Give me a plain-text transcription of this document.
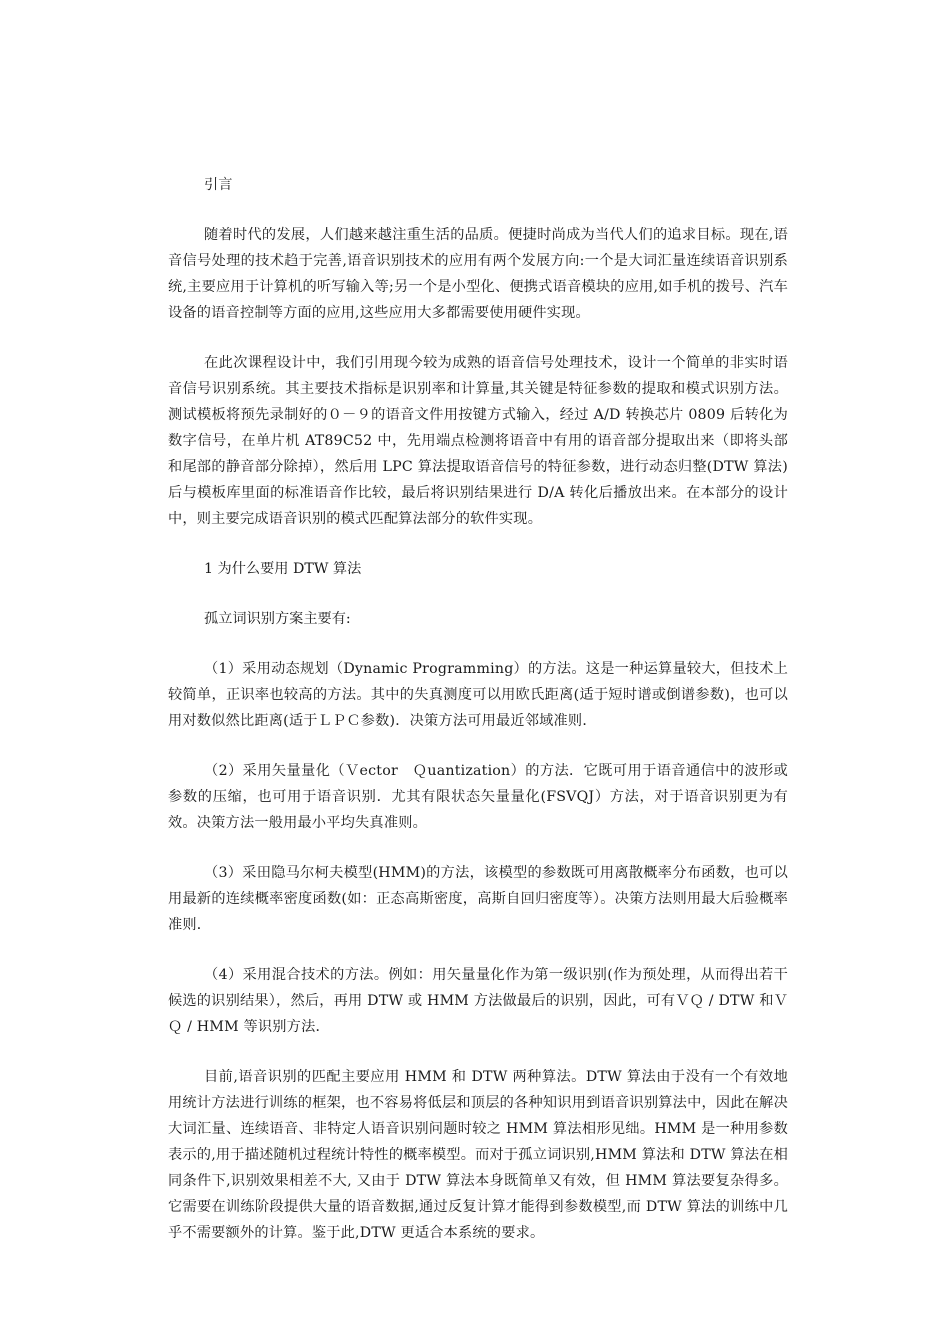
引言

随着时代的发展，人们越来越注重生活的品质。便捷时尚成为当代人们的追求目标。现在,语音信号处理的技术趋于完善,语音识别技术的应用有两个发展方向:一个是大词汇量连续语音识别系统,主要应用于计算机的听写输入等;另一个是小型化、便携式语音模块的应用,如手机的拨号、汽车设备的语音控制等方面的应用,这些应用大多都需要使用硬件实现。

在此次课程设计中，我们引用现今较为成熟的语音信号处理技术，设计一个简单的非实时语音信号识别系统。其主要技术指标是识别率和计算量,其关键是特征参数的提取和模式识别方法。测试模板将预先录制好的０－９的语音文件用按键方式输入，经过 A/D 转换芯片 0809 后转化为数字信号，在单片机 AT89C52 中，先用端点检测将语音中有用的语音部分提取出来（即将头部和尾部的静音部分除掉），然后用 LPC 算法提取语音信号的特征参数，进行动态归整(DTW 算法)后与模板库里面的标准语音作比较，最后将识别结果进行 D/A 转化后播放出来。在本部分的设计中，则主要完成语音识别的模式匹配算法部分的软件实现。

1 为什么要用 DTW 算法

孤立词识别方案主要有:

（1）采用动态规划（Dynamic Programming）的方法。这是一种运算量较大，但技术上较简单，正识率也较高的方法。其中的失真测度可以用欧氏距离(适于短时谱或倒谱参数)，也可以用对数似然比距离(适于ＬＰＣ参数)．决策方法可用最近邻域准则．

（2）采用矢量量化（Ｖector　Ｑuantization）的方法．它既可用于语音通信中的波形或参数的压缩，也可用于语音识别．尤其有限状态矢量量化(FSVQJ）方法，对于语音识别更为有效。决策方法一般用最小平均失真准则。

（3）采田隐马尔柯夫模型(HMM)的方法，该模型的参数既可用离散概率分布函数，也可以用最新的连续概率密度函数(如：正态高斯密度，高斯自回归密度等）。决策方法则用最大后验概率准则．

（4）采用混合技术的方法。例如：用矢量量化作为第一级识别(作为预处理，从而得出若干候选的识别结果），然后，再用 DTW 或 HMM 方法做最后的识别，因此，可有ＶＱ / DTW 和ＶＱ / HMM 等识别方法．

目前,语音识别的匹配主要应用 HMM 和 DTW 两种算法。DTW 算法由于没有一个有效地用统计方法进行训练的框架，也不容易将低层和顶层的各种知识用到语音识别算法中，因此在解决大词汇量、连续语音、非特定人语音识别问题时较之 HMM 算法相形见绌。HMM 是一种用参数表示的,用于描述随机过程统计特性的概率模型。而对于孤立词识别,HMM 算法和 DTW 算法在相同条件下,识别效果相差不大, 又由于 DTW 算法本身既简单又有效，但 HMM 算法要复杂得多。它需要在训练阶段提供大量的语音数据,通过反复计算才能得到参数模型,而 DTW 算法的训练中几乎不需要额外的计算。鉴于此,DTW 更适合本系统的要求。
